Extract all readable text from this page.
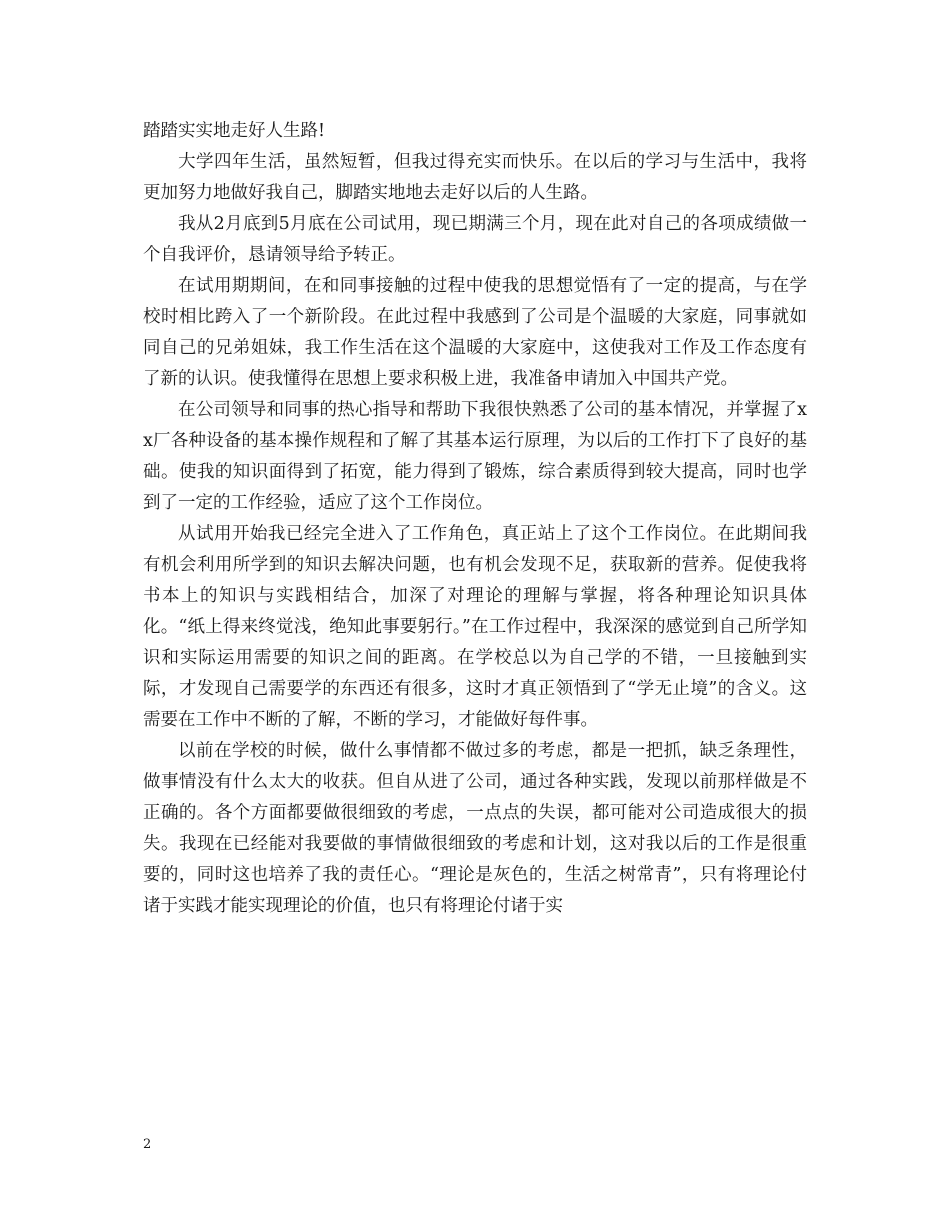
踏踏实实地走好人生路!

大学四年生活，虽然短暂，但我过得充实而快乐。在以后的学习与生活中，我将更加努力地做好我自己，脚踏实地地去走好以后的人生路。

我从2月底到5月底在公司试用，现已期满三个月，现在此对自己的各项成绩做一个自我评价，恳请领导给予转正。

在试用期期间，在和同事接触的过程中使我的思想觉悟有了一定的提高，与在学校时相比跨入了一个新阶段。在此过程中我感到了公司是个温暖的大家庭，同事就如同自己的兄弟姐妹，我工作生活在这个温暖的大家庭中，这使我对工作及工作态度有了新的认识。使我懂得在思想上要求积极上进，我准备申请加入中国共产党。

在公司领导和同事的热心指导和帮助下我很快熟悉了公司的基本情况，并掌握了xx厂各种设备的基本操作规程和了解了其基本运行原理，为以后的工作打下了良好的基础。使我的知识面得到了拓宽，能力得到了锻炼，综合素质得到较大提高，同时也学到了一定的工作经验，适应了这个工作岗位。

从试用开始我已经完全进入了工作角色，真正站上了这个工作岗位。在此期间我有机会利用所学到的知识去解决问题，也有机会发现不足，获取新的营养。促使我将书本上的知识与实践相结合，加深了对理论的理解与掌握，将各种理论知识具体化。“纸上得来终觉浅，绝知此事要躬行。”在工作过程中，我深深的感觉到自己所学知识和实际运用需要的知识之间的距离。在学校总以为自己学的不错，一旦接触到实际，才发现自己需要学的东西还有很多，这时才真正领悟到了“学无止境”的含义。这需要在工作中不断的了解，不断的学习，才能做好每件事。

以前在学校的时候，做什么事情都不做过多的考虑，都是一把抓，缺乏条理性，做事情没有什么太大的收获。但自从进了公司，通过各种实践，发现以前那样做是不正确的。各个方面都要做很细致的考虑，一点点的失误，都可能对公司造成很大的损失。我现在已经能对我要做的事情做很细致的考虑和计划，这对我以后的工作是很重要的，同时这也培养了我的责任心。“理论是灰色的，生活之树常青”，只有将理论付诸于实践才能实现理论的价值，也只有将理论付诸于实

2
